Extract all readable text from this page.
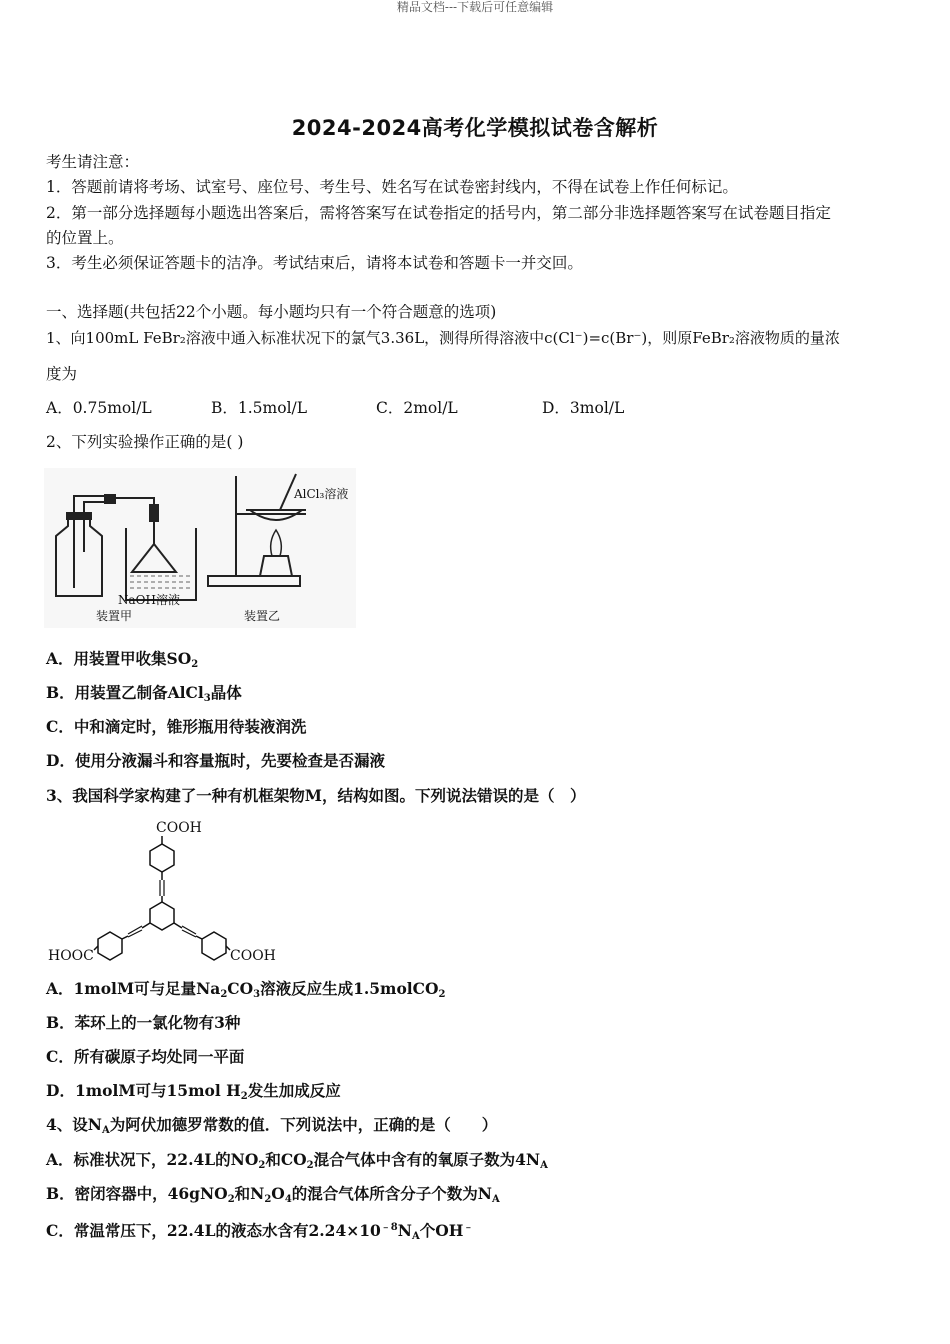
精品文档---下载后可任意编辑
2024-2024高考化学模拟试卷含解析
考生请注意：
1．答题前请将考场、试室号、座位号、考生号、姓名写在试卷密封线内，不得在试卷上作任何标记。
2．第一部分选择题每小题选出答案后，需将答案写在试卷指定的括号内，第二部分非选择题答案写在试卷题目指定
的位置上。
3．考生必须保证答题卡的洁净。考试结束后，请将本试卷和答题卡一并交回。
一、选择题(共包括22个小题。每小题均只有一个符合题意的选项)
1、向100mL FeBr₂溶液中通入标准状况下的氯气3.36L，测得所得溶液中c(Cl⁻)=c(Br⁻)，则原FeBr₂溶液物质的量浓
度为
A．0.75mol/L	B．1.5mol/L	C．2mol/L	D．3mol/L
2、下列实验操作正确的是( )
NaOH溶液
装置甲
AlCl₃溶液
装置乙
A．用装置甲收集$SO_2$
B．用装置乙制备AlCl$_3$晶体
C．中和滴定时，锥形瓶用待装液润洗
D．使用分液漏斗和容量瓶时，先要检查是否漏液
3、我国科学家构建了一种有机框架物M，结构如图。下列说法错误的是（　）
COOH
HOOC	COOH
A．1molM可与足量$Na_2CO_3$溶液反应生成1.5molCO$_2$
B．苯环上的一氯化物有3种
C．所有碳原子均处同一平面
D．1molM可与15mol $H_2$发生加成反应
4、设$N_A$为阿伏加德罗常数的值．下列说法中，正确的是（　　）
A．标准状况下，22.4L的$NO_2$和$CO_2$混合气体中含有的氧原子数为$4N_A$
B．密闭容器中，46gNO$_2$和$N_2O_4$的混合气体所含分子个数为$N_A$
C．常温常压下，22.4L的液态水含有$2.24\times 10^{﹣8}N_A$个OH﹣
